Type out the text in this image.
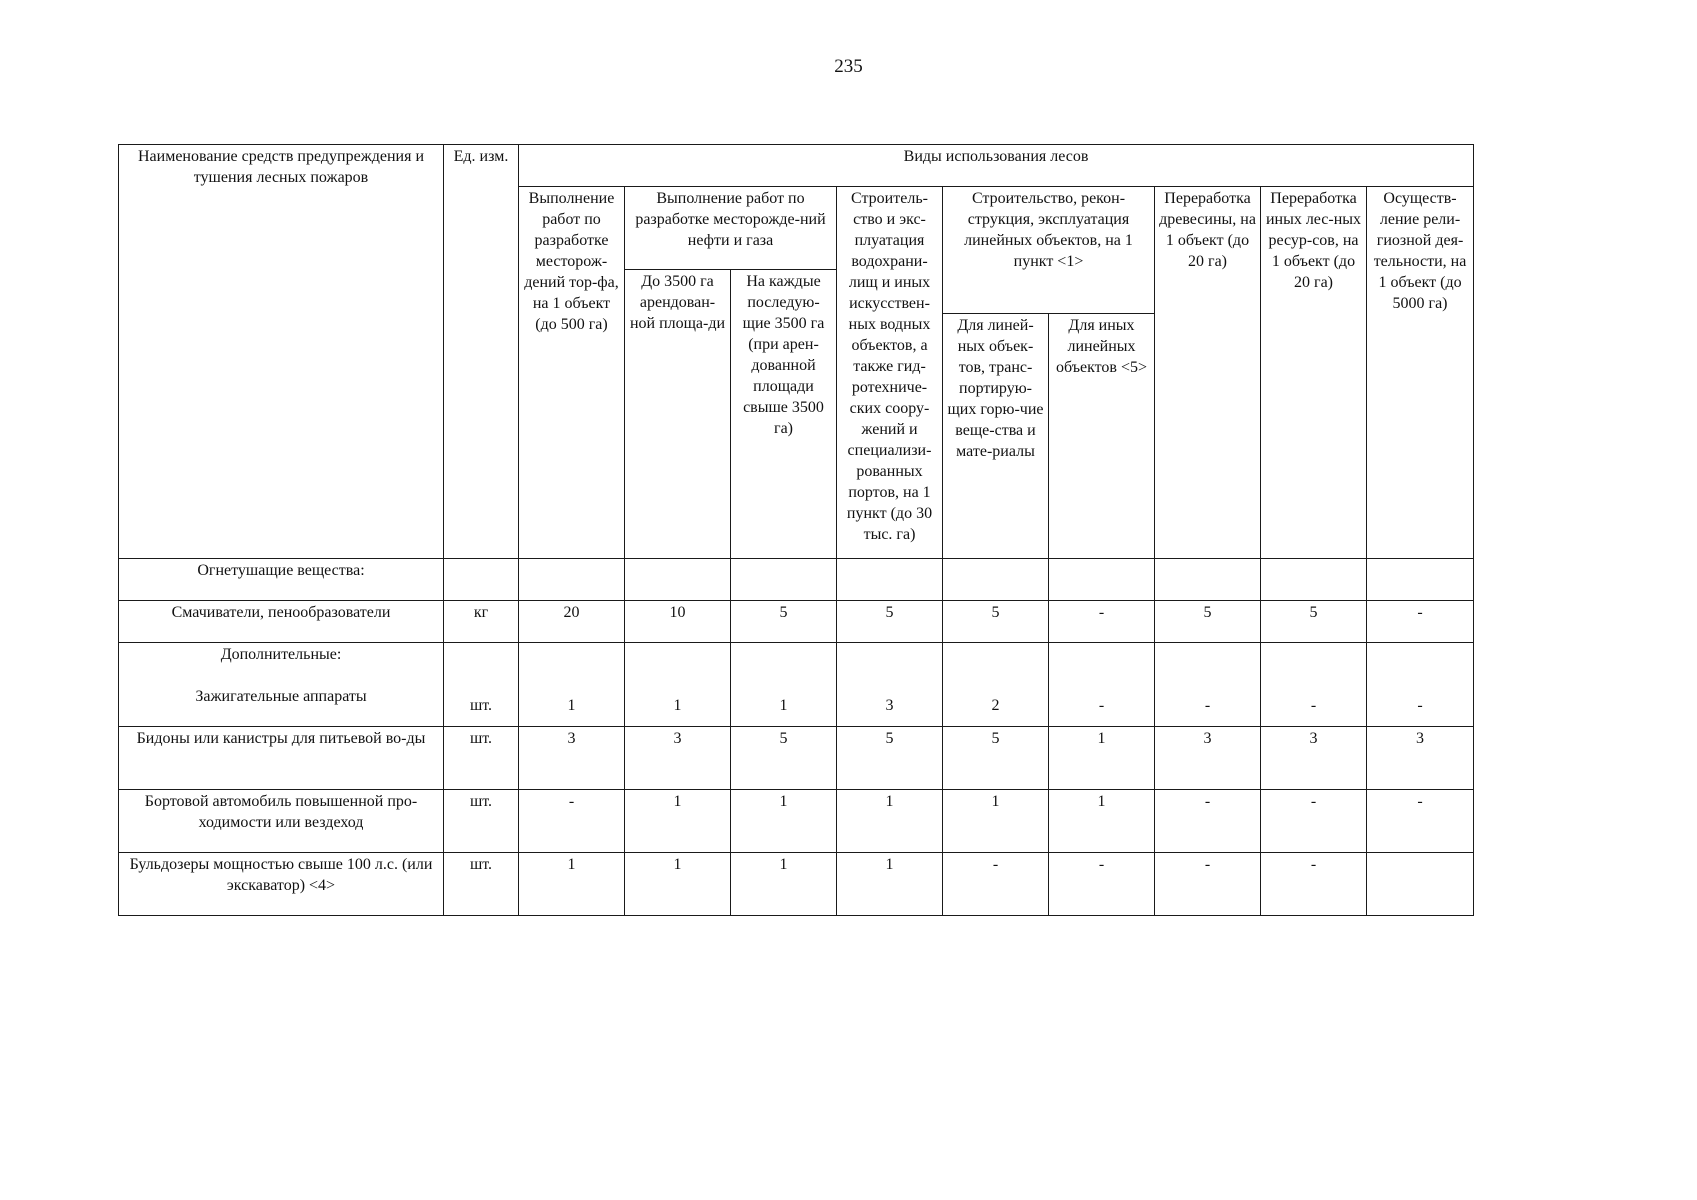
235
Наименование средств предупреждения и тушения лесных пожаров	Ед. изм.	Виды использования лесов								
		Выполнение работ по разработке месторож-дений тор-фа, на 1 объект (до 500 га)	Выполнение работ по разработке месторожде-ний нефти и газа		Строитель-ство и экс-плуатация водохрани-лищ и иных искусствен-ных водных объектов, а также гид-ротехниче-ских соору-жений и специализи-рованных портов, на 1 пункт (до 30 тыс. га)	Строительство, рекон-струкция, эксплуатация линейных объектов, на 1 пункт <1>		Переработка древесины, на 1 объект (до 20 га)	Переработка иных лес-ных ресур-сов, на 1 объект (до 20 га)	Осуществ-ление рели-гиозной дея-тельности, на 1 объект (до 5000 га)
			До 3500 га арендован-ной площа-ди	На каждые последую-щие 3500 га (при арен-дованной площади свыше 3500 га)						
						Для линей-ных объек-тов, транс-портирую-щих горю-чие веще-ства и мате-риалы	Для иных линейных объектов <5>			
Огнетушащие вещества:										
Смачиватели, пенообразователи	кг	20	10	5	5	5	-	5	5	-

Дополнительные:
Зажигательные аппараты	шт.	1	1	1	3	2	-	-	-	-
Бидоны или канистры для питьевой во-ды	шт.	3	3	5	5	5	1	3	3	3
Бортовой автомобиль повышенной про-ходимости или вездеход	шт.	-	1	1	1	1	1	-	-	-
Бульдозеры мощностью свыше 100 л.с. (или экскаватор) <4>	шт.	1	1	1	1	-	-	-	-	
